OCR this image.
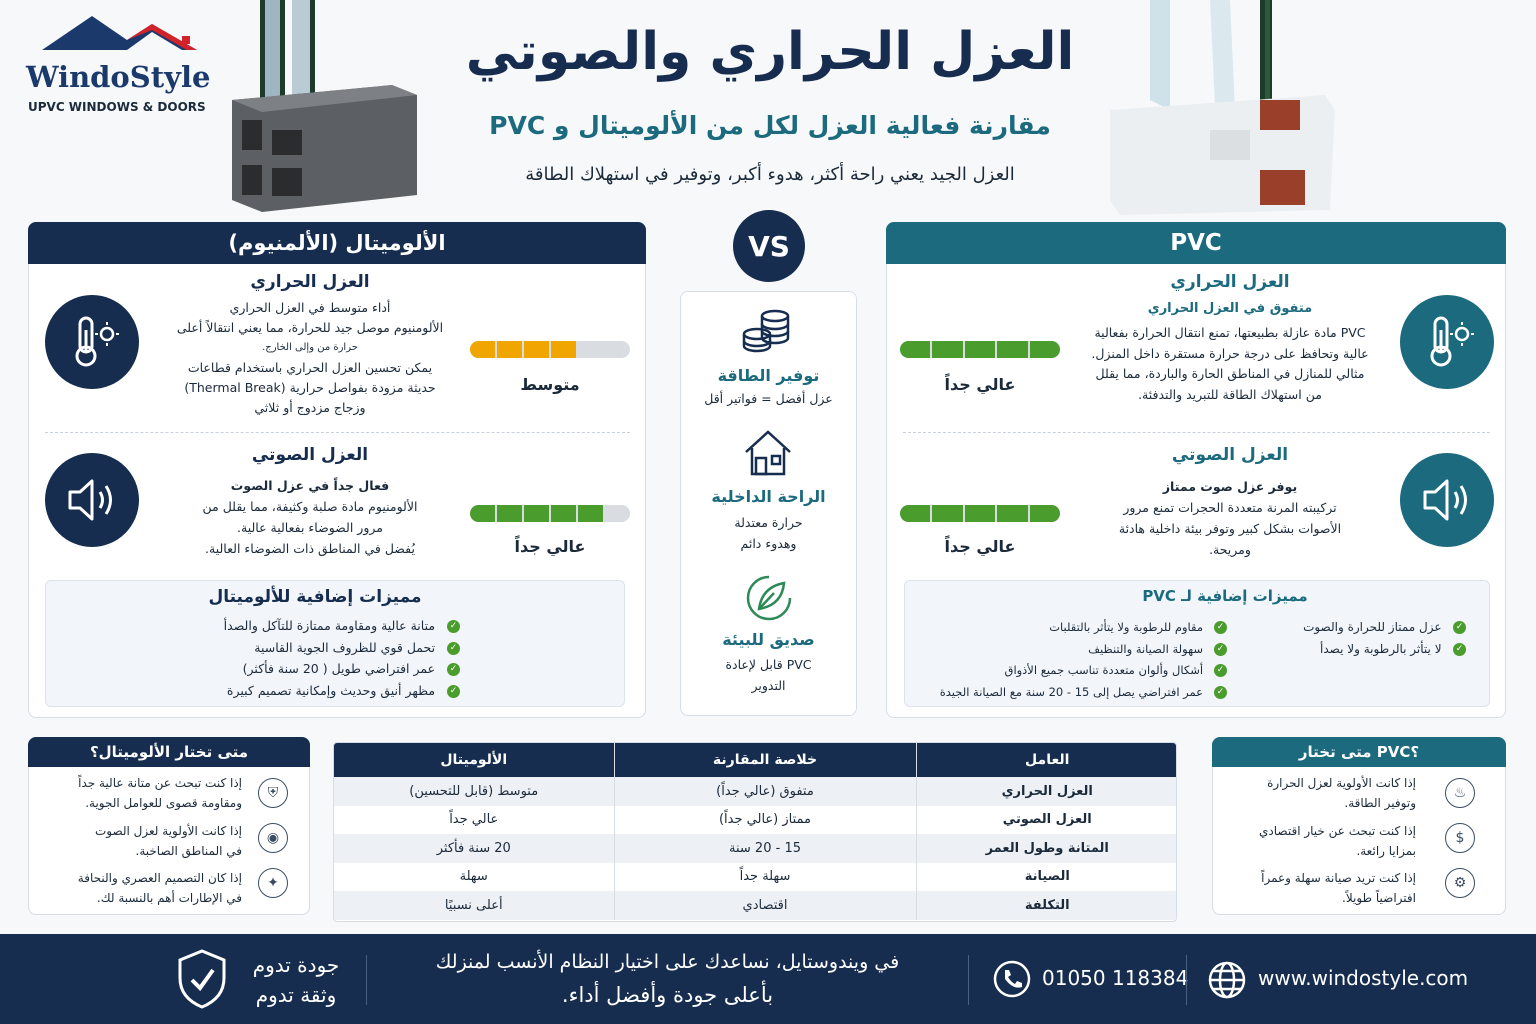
WindoStyle
UPVC WINDOWS & DOORS
العزل الحراري والصوتي
مقارنة فعالية العزل لكل من الألوميتال و PVC
العزل الجيد يعني راحة أكثر، هدوء أكبر، وتوفير في استهلاك الطاقة
VS
الألوميتال (الألمنيوم)
العزل الحراري
أداء متوسط في العزل الحراري
الألومنيوم موصل جيد للحرارة، مما يعني انتقالاً أعلى
حرارة من وإلى الخارج.
يمكن تحسين العزل الحراري باستخدام قطاعات
حديثة مزودة بفواصل حرارية (Thermal Break)
وزجاج مزدوج أو ثلاثي
متوسط
العزل الصوتي
فعال جداً في عزل الصوت
الألومنيوم مادة صلبة وكثيفة، مما يقلل من
مرور الضوضاء بفعالية عالية.
يُفضل في المناطق ذات الضوضاء العالية.	عالي جداً
مميزات إضافية للألوميتال
✓   متانة عالية ومقاومة ممتازة للتآكل والصدأ
✓   تحمل قوي للظروف الجوية القاسية
✓   عمر افتراضي طويل ( 20 سنة فأكثر)
✓   مظهر أنيق وحديث وإمكانية تصميم كبيرة
توفير الطاقة
عزل أفضل = فواتير أقل
الراحة الداخلية
حرارة معتدلة
وهدوء دائم
صديق للبيئة
PVC قابل لإعادة
التدوير
PVC
العزل الحراري
متفوق في العزل الحراري
PVC مادة عازلة بطبيعتها، تمنع انتقال الحرارة بفعالية
عالية وتحافظ على درجة حرارة مستقرة داخل المنزل.
مثالي للمنازل في المناطق الحارة والباردة، مما يقلل
من استهلاك الطاقة للتبريد والتدفئة.
عالي جداً
العزل الصوتي
يوفر عزل صوت ممتاز
تركيبته المرنة متعددة الحجرات تمنع مرور
الأصوات بشكل كبير وتوفر بيئة داخلية هادئة
ومريحة.
عالي جداً
مميزات إضافية لـ PVC
✓   عزل ممتاز للحرارة والصوت
✓   لا يتأثر بالرطوبة ولا يصدأ
✓   مقاوم للرطوبة ولا يتأثر بالتقلبات
✓   سهولة الصيانة والتنظيف
✓   أشكال وألوان متعددة تناسب جميع الأذواق
✓   عمر افتراضي يصل إلى 15 - 20 سنة مع الصيانة الجيدة
متى تختار الألوميتال؟
⛨
إذا كنت تبحث عن متانة عالية جداً
ومقاومة قصوى للعوامل الجوية.
◉
إذا كانت الأولوية لعزل الصوت
في المناطق الصاخبة.
✦
إذا كان التصميم العصري والنحافة
في الإطارات أهم بالنسبة لك.
الألوميتال	خلاصة المقارنة	العامل
متوسط (قابل للتحسين)	متفوق (عالي جداً)	العزل الحراري
عالي جداً	ممتاز (عالي جداً)	العزل الصوتي
20 سنة فأكثر	15 - 20 سنة	المتانة وطول العمر
سهلة	سهلة جداً	الصيانة
أعلى نسبيًا	اقتصادي	التكلفة
متى تختار PVC؟
♨
إذا كانت الأولوية لعزل الحرارة
وتوفير الطاقة.
$
إذا كنت تبحث عن خيار اقتصادي
بمزايا رائعة.
⚙
إذا كنت تريد صيانة سهلة وعمراً
افتراضياً طويلاً.
جودة تدوم
وثقة تدوم
في ويندوستايل، نساعدك على اختيار النظام الأنسب لمنزلك
بأعلى جودة وأفضل أداء.
01050 118384	www.windostyle.com
